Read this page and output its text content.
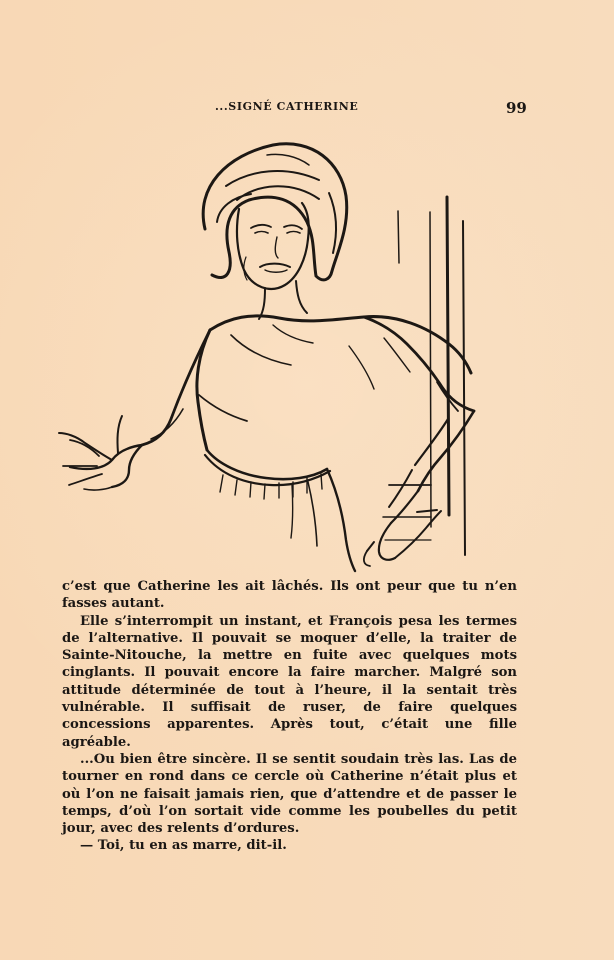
...SIGNÉ CATHERINE	99

c’est que Catherine les ait lâchés. Ils ont peur que tu n’en fasses autant.

Elle s’interrompit un instant, et François pesa les termes de l’alternative. Il pouvait se moquer d’elle, la traiter de Sainte-Nitouche, la mettre en fuite avec quelques mots cinglants. Il pouvait encore la faire marcher. Malgré son attitude déterminée de tout à l’heure, il la sentait très vulnérable. Il suffisait de ruser, de faire quelques concessions apparentes. Après tout, c’était une fille agréable.

...Ou bien être sincère. Il se sentit soudain très las. Las de tourner en rond dans ce cercle où Catherine n’était plus et où l’on ne faisait jamais rien, que d’attendre et de passer le temps, d’où l’on sortait vide comme les poubelles du petit jour, avec des relents d’ordures.

— Toi, tu en as marre, dit-il.
